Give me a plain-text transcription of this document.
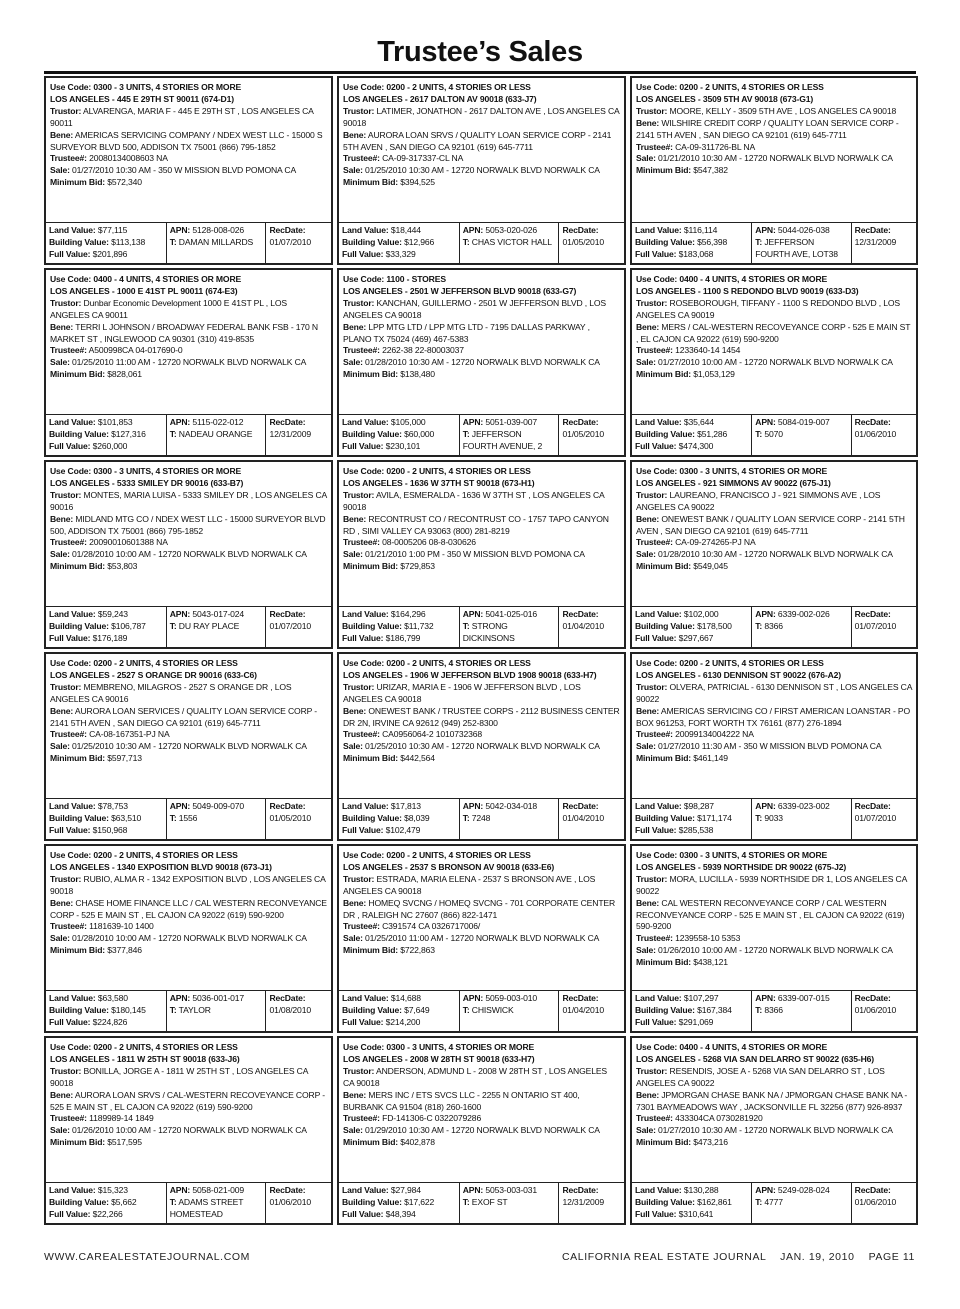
Trustee’s Sales
Use Code: 0300 - 3 UNITS, 4 STORIES OR MORE
LOS ANGELES - 445 E 29TH ST 90011 (674-D1)
Trustor: ALVARENGA, MARIA F - 445 E 29TH ST , LOS ANGELES CA 90011
Bene: AMERICAS SERVICING COMPANY / NDEX WEST LLC - 15000 S SURVEYOR BLVD 500, ADDISON TX 75001 (866) 795-1852
Trustee#: 20080134008603 NA
Sale: 01/27/2010 10:30 AM - 350 W MISSION BLVD POMONA CA
Minimum Bid: $572,340
Land Value: $77,115
Building Value: $113,138
Full Value: $201,896
APN: 5128-008-026
T: DAMAN MILLARDS
RecDate:
01/07/2010
Use Code: 0200 - 2 UNITS, 4 STORIES OR LESS
LOS ANGELES - 2617 DALTON AV 90018 (633-J7)
Trustor: LATIMER, JONATHON - 2617 DALTON AVE , LOS ANGELES CA 90018
Bene: AURORA LOAN SRVS / QUALITY LOAN SERVICE CORP - 2141 5TH AVEN , SAN DIEGO CA 92101 (619) 645-7711
Trustee#: CA-09-317337-CL NA
Sale: 01/25/2010 10:30 AM - 12720 NORWALK BLVD NORWALK CA
Minimum Bid: $394,525
Land Value: $18,444
Building Value: $12,966
Full Value: $33,329
APN: 5053-020-026
T: CHAS VICTOR HALL
RecDate:
01/05/2010
Use Code: 0200 - 2 UNITS, 4 STORIES OR LESS
LOS ANGELES - 3509 5TH AV 90018 (673-G1)
Trustor: MOORE, KELLY - 3509 5TH AVE , LOS ANGELES CA 90018
Bene: WILSHIRE CREDIT CORP / QUALITY LOAN SERVICE CORP - 2141 5TH AVEN , SAN DIEGO CA 92101 (619) 645-7711
Trustee#: CA-09-311726-BL NA
Sale: 01/21/2010 10:30 AM - 12720 NORWALK BLVD NORWALK CA
Minimum Bid: $547,382
Land Value: $116,114
Building Value: $56,398
Full Value: $183,068
APN: 5044-026-038
T: JEFFERSON FOURTH AVE, LOT38
RecDate:
12/31/2009
Use Code: 0400 - 4 UNITS, 4 STORIES OR MORE
LOS ANGELES - 1000 E 41ST PL 90011 (674-E3)
Trustor: Dunbar Economic Development 1000 E 41ST PL , LOS ANGELES CA 90011
Bene: TERRI L JOHNSON / BROADWAY FEDERAL BANK FSB - 170 N MARKET ST , INGLEWOOD CA 90301 (310) 419-8535
Trustee#: A500998CA 04-017690-0
Sale: 01/25/2010 11:00 AM - 12720 NORWALK BLVD NORWALK CA
Minimum Bid: $828,061
Land Value: $101,853
Building Value: $127,316
Full Value: $260,000
APN: 5115-022-012
T: NADEAU ORANGE
RecDate:
12/31/2009
Use Code: 1100 - STORES
LOS ANGELES - 2501 W JEFFERSON BLVD 90018 (633-G7)
Trustor: KANCHAN, GUILLERMO - 2501 W JEFFERSON BLVD , LOS ANGELES CA 90018
Bene: LPP MTG LTD / LPP MTG LTD - 7195 DALLAS PARKWAY , PLANO TX 75024 (469) 467-5383
Trustee#: 2262-38 22-80003037
Sale: 01/28/2010 10:30 AM - 12720 NORWALK BLVD NORWALK CA
Minimum Bid: $138,480
Land Value: $105,000
Building Value: $60,000
Full Value: $230,101
APN: 5051-039-007
T: JEFFERSON FOURTH AVENUE, 2
RecDate:
01/05/2010
Use Code: 0400 - 4 UNITS, 4 STORIES OR MORE
LOS ANGELES - 1100 S REDONDO BLVD 90019 (633-D3)
Trustor: ROSEBOROUGH, TIFFANY - 1100 S REDONDO BLVD , LOS ANGELES CA 90019
Bene: MERS / CAL-WESTERN RECOVEYANCE CORP - 525 E MAIN ST , EL CAJON CA 92022 (619) 590-9200
Trustee#: 1233640-14 1454
Sale: 01/27/2010 10:00 AM - 12720 NORWALK BLVD NORWALK CA
Minimum Bid: $1,053,129
Land Value: $35,644
Building Value: $51,286
Full Value: $474,300
APN: 5084-019-007
T: 5070
RecDate:
01/06/2010
Use Code: 0300 - 3 UNITS, 4 STORIES OR MORE
LOS ANGELES - 5333 SMILEY DR 90016 (633-B7)
Trustor: MONTES, MARIA LUISA - 5333 SMILEY DR , LOS ANGELES CA 90016
Bene: MIDLAND MTG CO / NDEX WEST LLC - 15000 SURVEYOR BLVD 500, ADDISON TX 75001 (866) 795-1852
Trustee#: 20090010601388 NA
Sale: 01/28/2010 10:00 AM - 12720 NORWALK BLVD NORWALK CA
Minimum Bid: $53,803
Land Value: $59,243
Building Value: $106,787
Full Value: $176,189
APN: 5043-017-024
T: DU RAY PLACE
RecDate:
01/07/2010
Use Code: 0200 - 2 UNITS, 4 STORIES OR LESS
LOS ANGELES - 1636 W 37TH ST 90018 (673-H1)
Trustor: AVILA, ESMERALDA - 1636 W 37TH ST , LOS ANGELES CA 90018
Bene: RECONTRUST CO / RECONTRUST CO - 1757 TAPO CANYON RD , SIMI VALLEY CA 93063 (800) 281-8219
Trustee#: 08-0005206 08-8-030626
Sale: 01/21/2010 1:00 PM - 350 W MISSION BLVD POMONA CA
Minimum Bid: $729,853
Land Value: $164,296
Building Value: $11,732
Full Value: $186,799
APN: 5041-025-016
T: STRONG DICKINSONS
RecDate:
01/04/2010
Use Code: 0300 - 3 UNITS, 4 STORIES OR MORE
LOS ANGELES - 921 SIMMONS AV 90022 (675-J1)
Trustor: LAUREANO, FRANCISCO J - 921 SIMMONS AVE , LOS ANGELES CA 90022
Bene: ONEWEST BANK / QUALITY LOAN SERVICE CORP - 2141 5TH AVEN , SAN DIEGO CA 92101 (619) 645-7711
Trustee#: CA-09-274265-PJ NA
Sale: 01/28/2010 10:30 AM - 12720 NORWALK BLVD NORWALK CA
Minimum Bid: $549,045
Land Value: $102,000
Building Value: $178,500
Full Value: $297,667
APN: 6339-002-026
T: 8366
RecDate:
01/07/2010
Use Code: 0200 - 2 UNITS, 4 STORIES OR LESS
LOS ANGELES - 2527 S ORANGE DR 90016 (633-C6)
Trustor: MEMBRENO, MILAGROS - 2527 S ORANGE DR , LOS ANGELES CA 90016
Bene: AURORA LOAN SERVICES / QUALITY LOAN SERVICE CORP - 2141 5TH AVEN , SAN DIEGO CA 92101 (619) 645-7711
Trustee#: CA-08-167351-PJ NA
Sale: 01/25/2010 10:30 AM - 12720 NORWALK BLVD NORWALK CA
Minimum Bid: $597,713
Land Value: $78,753
Building Value: $63,510
Full Value: $150,968
APN: 5049-009-070
T: 1556
RecDate:
01/05/2010
Use Code: 0200 - 2 UNITS, 4 STORIES OR LESS
LOS ANGELES - 1906 W JEFFERSON BLVD 1908 90018 (633-H7)
Trustor: URIZAR, MARIA E - 1906 W JEFFERSON BLVD , LOS ANGELES CA 90018
Bene: ONEWEST BANK / TRUSTEE CORPS - 2112 BUSINESS CENTER DR 2N, IRVINE CA 92612 (949) 252-8300
Trustee#: CA0956064-2 1010732368
Sale: 01/25/2010 10:30 AM - 12720 NORWALK BLVD NORWALK CA
Minimum Bid: $442,564
Land Value: $17,813
Building Value: $8,039
Full Value: $102,479
APN: 5042-034-018
T: 7248
RecDate:
01/04/2010
Use Code: 0200 - 2 UNITS, 4 STORIES OR LESS
LOS ANGELES - 6130 DENNISON ST 90022 (676-A2)
Trustor: OLVERA, PATRICIAL - 6130 DENNISON ST , LOS ANGELES CA 90022
Bene: AMERICAS SERVICING CO / FIRST AMERICAN LOANSTAR - PO BOX 961253, FORT WORTH TX 76161 (877) 276-1894
Trustee#: 20099134004222 NA
Sale: 01/27/2010 11:30 AM - 350 W MISSION BLVD POMONA CA
Minimum Bid: $461,149
Land Value: $98,287
Building Value: $171,174
Full Value: $285,538
APN: 6339-023-002
T: 9033
RecDate:
01/07/2010
Use Code: 0200 - 2 UNITS, 4 STORIES OR LESS
LOS ANGELES - 1340 EXPOSITION BLVD 90018 (673-J1)
Trustor: RUBIO, ALMA R - 1342 EXPOSITION BLVD , LOS ANGELES CA 90018
Bene: CHASE HOME FINANCE LLC / CAL WESTERN RECONVEYANCE CORP - 525 E MAIN ST , EL CAJON CA 92022 (619) 590-9200
Trustee#: 1181639-10 1400
Sale: 01/28/2010 10:00 AM - 12720 NORWALK BLVD NORWALK CA
Minimum Bid: $377,846
Land Value: $63,580
Building Value: $180,145
Full Value: $224,826
APN: 5036-001-017
T: TAYLOR
RecDate:
01/08/2010
Use Code: 0200 - 2 UNITS, 4 STORIES OR LESS
LOS ANGELES - 2537 S BRONSON AV 90018 (633-E6)
Trustor: ESTRADA, MARIA ELENA - 2537 S BRONSON AVE , LOS ANGELES CA 90018
Bene: HOMEQ SVCNG / HOMEQ SVCNG - 701 CORPORATE CENTER DR , RALEIGH NC 27607 (866) 822-1471
Trustee#: C391574 CA 0326717006/
Sale: 01/25/2010 11:00 AM - 12720 NORWALK BLVD NORWALK CA
Minimum Bid: $722,863
Land Value: $14,688
Building Value: $7,649
Full Value: $214,200
APN: 5059-003-010
T: CHISWICK
RecDate:
01/04/2010
Use Code: 0300 - 3 UNITS, 4 STORIES OR MORE
LOS ANGELES - 5939 NORTHSIDE DR 90022 (675-J2)
Trustor: MORA, LUCILLA - 5939 NORTHSIDE DR 1, LOS ANGELES CA 90022
Bene: CAL WESTERN RECONVEYANCE CORP / CAL WESTERN RECONVEYANCE CORP - 525 E MAIN ST , EL CAJON CA 92022 (619) 590-9200
Trustee#: 1239558-10 5353
Sale: 01/26/2010 10:00 AM - 12720 NORWALK BLVD NORWALK CA
Minimum Bid: $438,121
Land Value: $107,297
Building Value: $167,384
Full Value: $291,069
APN: 6339-007-015
T: 8366
RecDate:
01/06/2010
Use Code: 0200 - 2 UNITS, 4 STORIES OR LESS
LOS ANGELES - 1811 W 25TH ST 90018 (633-J6)
Trustor: BONILLA, JORGE A - 1811 W 25TH ST , LOS ANGELES CA 90018
Bene: AURORA LOAN SRVS / CAL-WESTERN RECOVEYANCE CORP - 525 E MAIN ST , EL CAJON CA 92022 (619) 590-9200
Trustee#: 1189989-14 1849
Sale: 01/26/2010 10:00 AM - 12720 NORWALK BLVD NORWALK CA
Minimum Bid: $517,595
Land Value: $15,323
Building Value: $5,662
Full Value: $22,266
APN: 5058-021-009
T: ADAMS STREET HOMESTEAD
RecDate:
01/06/2010
Use Code: 0300 - 3 UNITS, 4 STORIES OR MORE
LOS ANGELES - 2008 W 28TH ST 90018 (633-H7)
Trustor: ANDERSON, ADMUND L - 2008 W 28TH ST , LOS ANGELES CA 90018
Bene: MERS INC / ETS SVCS LLC - 2255 N ONTARIO ST 400, BURBANK CA 91504 (818) 260-1600
Trustee#: FD-141306-C 0322079286
Sale: 01/29/2010 10:30 AM - 12720 NORWALK BLVD NORWALK CA
Minimum Bid: $402,878
Land Value: $27,984
Building Value: $17,622
Full Value: $48,394
APN: 5053-003-031
T: EXOF ST
RecDate:
12/31/2009
Use Code: 0400 - 4 UNITS, 4 STORIES OR MORE
LOS ANGELES - 5268 VIA SAN DELARRO ST 90022 (635-H6)
Trustor: RESENDIS, JOSE A - 5268 VIA SAN DELARRO ST , LOS ANGELES CA 90022
Bene: JPMORGAN CHASE BANK NA / JPMORGAN CHASE BANK NA - 7301 BAYMEADOWS WAY , JACKSONVILLE FL 32256 (877) 926-8937
Trustee#: 433304CA 0730281920
Sale: 01/27/2010 10:30 AM - 12720 NORWALK BLVD NORWALK CA
Minimum Bid: $473,216
Land Value: $130,288
Building Value: $162,861
Full Value: $310,641
APN: 5249-028-024
T: 4777
RecDate:
01/06/2010
WWW.CAREALESTATEJOURNAL.COM	CALIFORNIA REAL ESTATE JOURNAL    JAN. 19, 2010    PAGE 11
